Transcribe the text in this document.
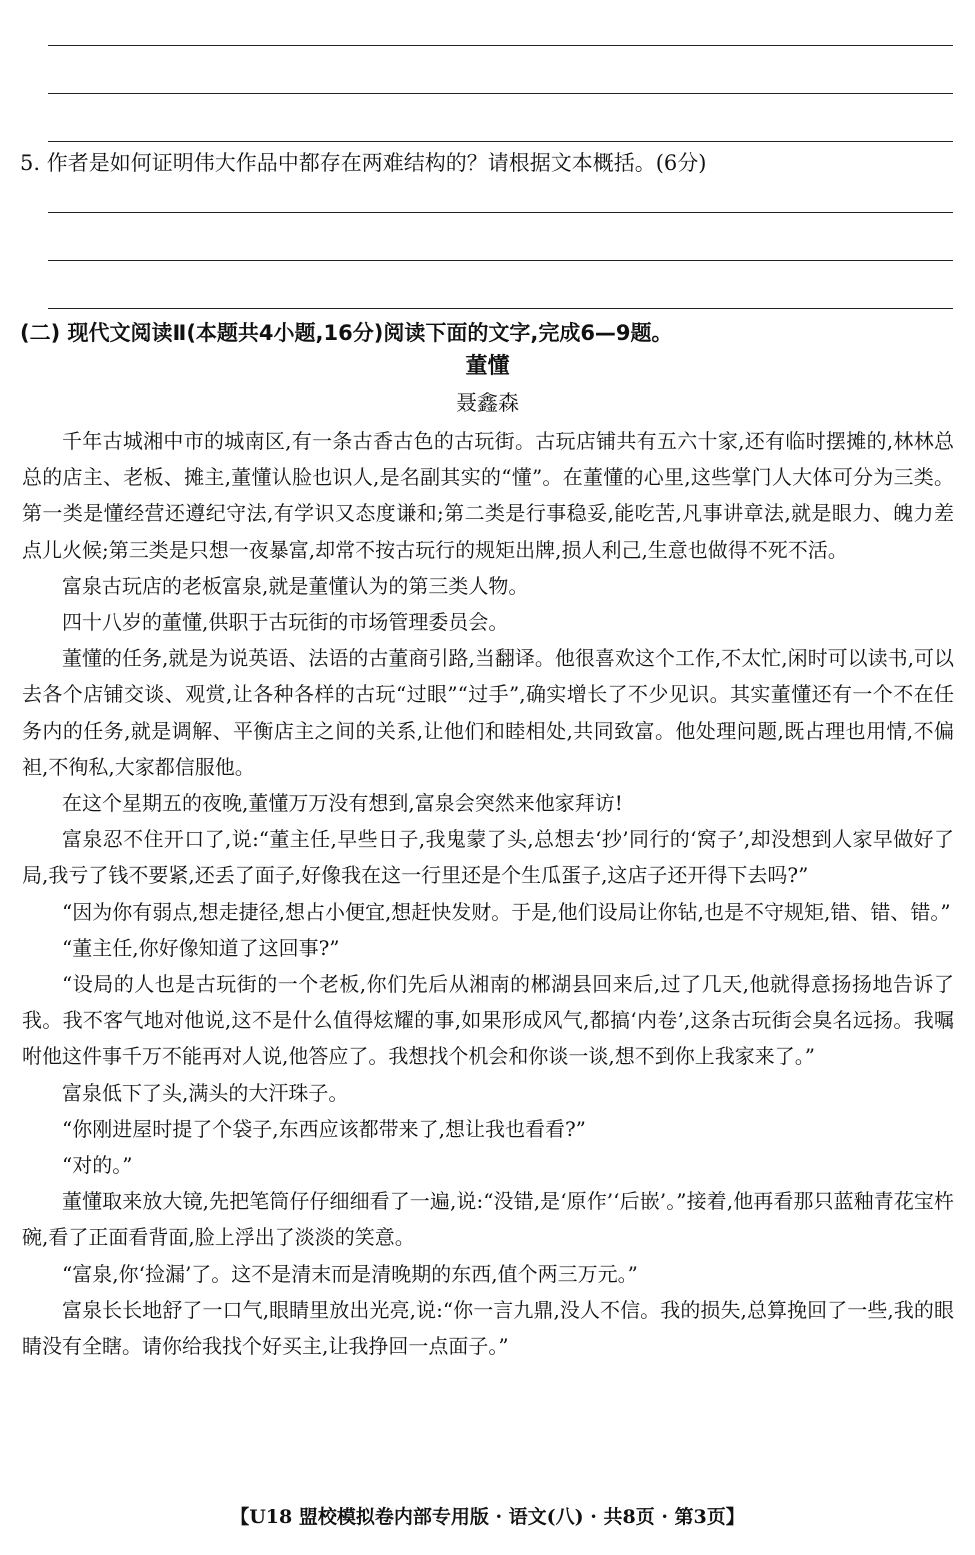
5. 作者是如何证明伟大作品中都存在两难结构的？请根据文本概括。(6分)
(二) 现代文阅读Ⅱ(本题共4小题,16分)阅读下面的文字,完成6—9题。
董懂
聂鑫森

千年古城湘中市的城南区,有一条古香古色的古玩街。古玩店铺共有五六十家,还有临时摆摊的,林林总总的店主、老板、摊主,董懂认脸也识人,是名副其实的“懂”。在董懂的心里,这些掌门人大体可分为三类。第一类是懂经营还遵纪守法,有学识又态度谦和;第二类是行事稳妥,能吃苦,凡事讲章法,就是眼力、魄力差点儿火候;第三类是只想一夜暴富,却常不按古玩行的规矩出牌,损人利己,生意也做得不死不活。

富泉古玩店的老板富泉,就是董懂认为的第三类人物。

四十八岁的董懂,供职于古玩街的市场管理委员会。

董懂的任务,就是为说英语、法语的古董商引路,当翻译。他很喜欢这个工作,不太忙,闲时可以读书,可以去各个店铺交谈、观赏,让各种各样的古玩“过眼”“过手”,确实增长了不少见识。其实董懂还有一个不在任务内的任务,就是调解、平衡店主之间的关系,让他们和睦相处,共同致富。他处理问题,既占理也用情,不偏袒,不徇私,大家都信服他。

在这个星期五的夜晚,董懂万万没有想到,富泉会突然来他家拜访!

富泉忍不住开口了,说:“董主任,早些日子,我鬼蒙了头,总想去‘抄’同行的‘窝子’,却没想到人家早做好了局,我亏了钱不要紧,还丢了面子,好像我在这一行里还是个生瓜蛋子,这店子还开得下去吗?”

“因为你有弱点,想走捷径,想占小便宜,想赶快发财。于是,他们设局让你钻,也是不守规矩,错、错、错。”

“董主任,你好像知道了这回事?”

“设局的人也是古玩街的一个老板,你们先后从湘南的郴湖县回来后,过了几天,他就得意扬扬地告诉了我。我不客气地对他说,这不是什么值得炫耀的事,如果形成风气,都搞‘内卷’,这条古玩街会臭名远扬。我嘱咐他这件事千万不能再对人说,他答应了。我想找个机会和你谈一谈,想不到你上我家来了。”

富泉低下了头,满头的大汗珠子。

“你刚进屋时提了个袋子,东西应该都带来了,想让我也看看?”

“对的。”

董懂取来放大镜,先把笔筒仔仔细细看了一遍,说:“没错,是‘原作’‘后嵌’。”接着,他再看那只蓝釉青花宝杵碗,看了正面看背面,脸上浮出了淡淡的笑意。

“富泉,你‘捡漏’了。这不是清末而是清晚期的东西,值个两三万元。”

富泉长长地舒了一口气,眼睛里放出光亮,说:“你一言九鼎,没人不信。我的损失,总算挽回了一些,我的眼睛没有全瞎。请你给我找个好买主,让我挣回一点面子。”

【U18 盟校模拟卷内部专用版 · 语文(八) · 共8页 · 第3页】
